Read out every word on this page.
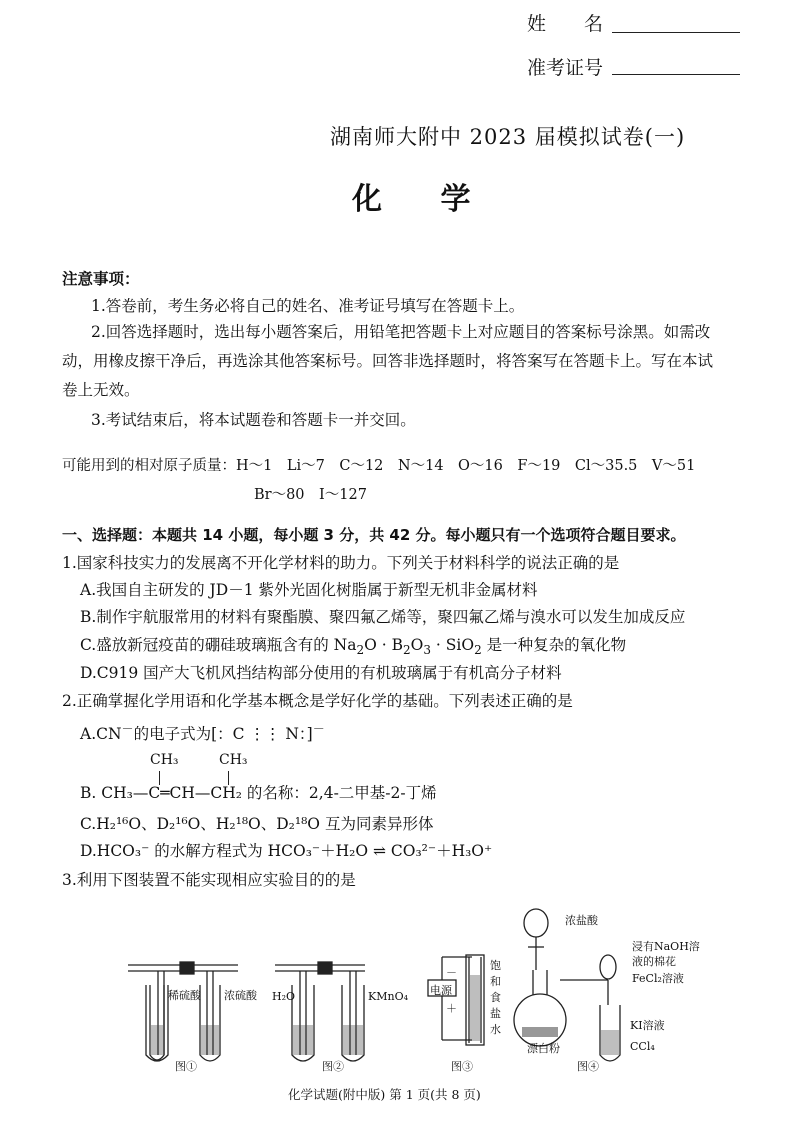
姓　　名
准考证号
湖南师大附中 2023 届模拟试卷(一)
化 学
注意事项：
1.答卷前，考生务必将自己的姓名、准考证号填写在答题卡上。
2.回答选择题时，选出每小题答案后，用铅笔把答题卡上对应题目的答案标号涂黑。如需改
动，用橡皮擦干净后，再选涂其他答案标号。回答非选择题时，将答案写在答题卡上。写在本试
卷上无效。
3.考试结束后，将本试题卷和答题卡一并交回。
可能用到的相对原子质量：H～1　Li～7　C～12　N～14　O～16　F～19　Cl～35.5　V～51
Br～80　I～127
一、选择题：本题共 14 小题，每小题 3 分，共 42 分。每小题只有一个选项符合题目要求。
1.国家科技实力的发展离不开化学材料的助力。下列关于材料科学的说法正确的是
A.我国自主研发的 JD－1 紫外光固化树脂属于新型无机非金属材料
B.制作宇航服常用的材料有聚酯膜、聚四氟乙烯等，聚四氟乙烯与溴水可以发生加成反应
C.盛放新冠疫苗的硼硅玻璃瓶含有的 $Na_2O \cdot B_2O_3 \cdot SiO_2$ 是一种复杂的氧化物
D.C919 国产大飞机风挡结构部分使用的有机玻璃属于有机高分子材料
2.正确掌握化学用语和化学基本概念是学好化学的基础。下列表述正确的是
A.CN－的电子式为[：C ⋮⋮ N：]－
CH₃	CH₃
B. CH₃—C═CH—CH₂ 的名称：2,4-二甲基-2-丁烯
C.H₂¹⁶O、D₂¹⁶O、H₂¹⁸O、D₂¹⁸O 互为同素异形体
D.HCO₃⁻ 的水解方程式为 HCO₃⁻＋H₂O ⇌ CO₃²⁻＋H₃O⁺
3.利用下图装置不能实现相应实验目的的是
图①
稀硫酸 浓硫酸
图②
H₂O	KMnO₄
图③
电源
－
＋
饱和食盐水
图④
浓盐酸
浸有NaOH溶
液的棉花
FeCl₂溶液
漂白粉
KI溶液
CCl₄
化学试题(附中版) 第 1 页(共 8 页)
